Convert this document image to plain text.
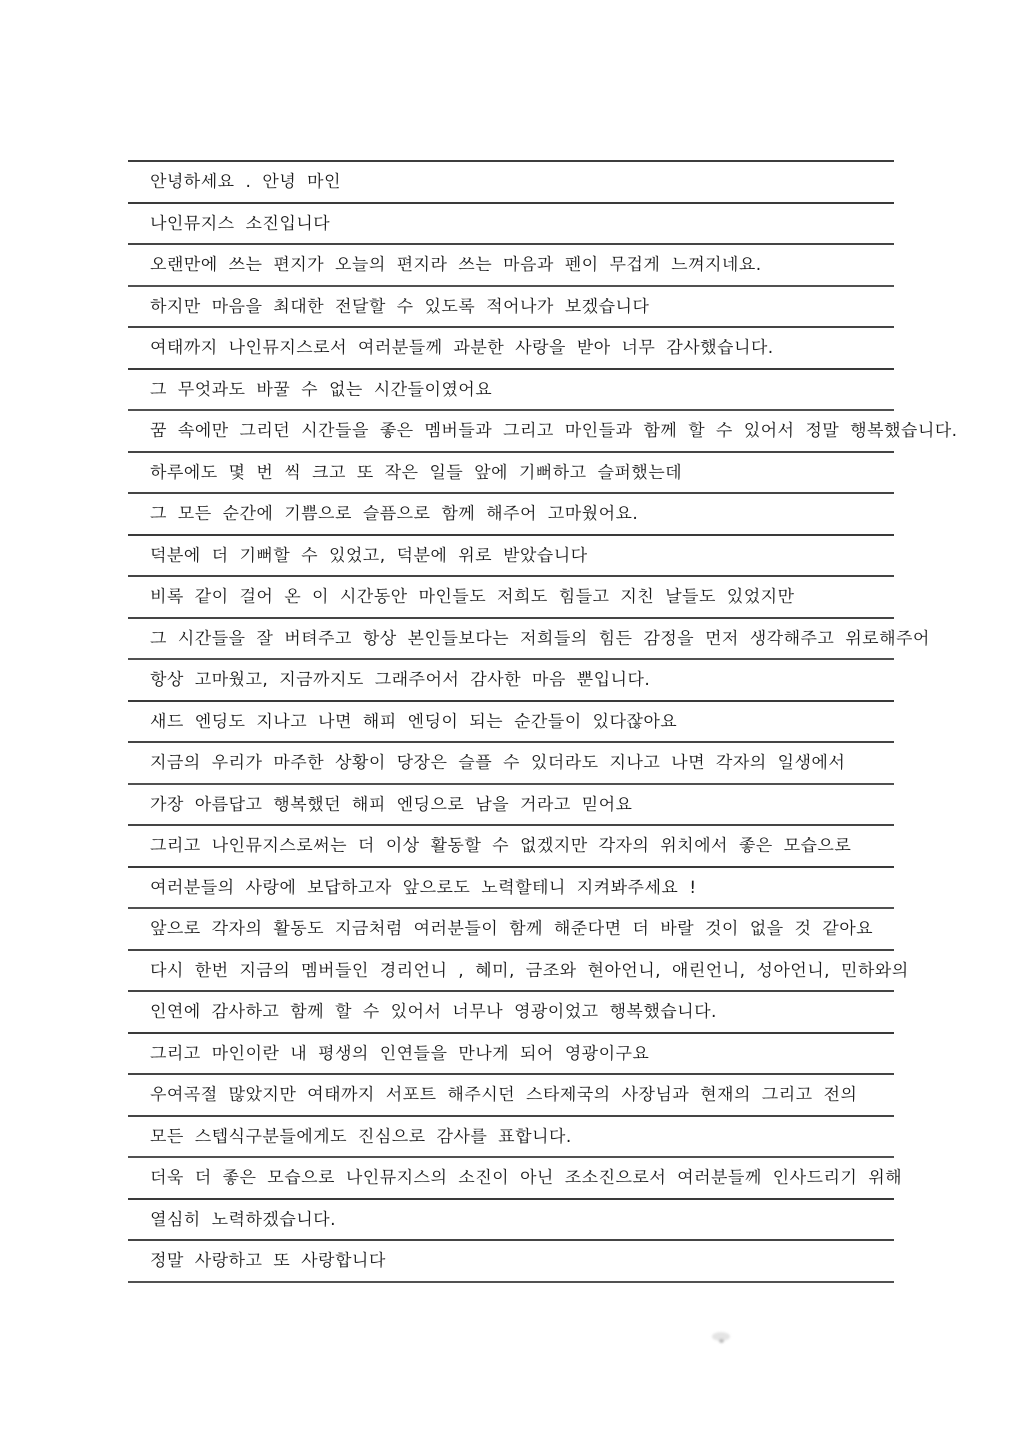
안녕하세요 . 안녕 마인
나인뮤지스 소진입니다
오랜만에 쓰는 편지가 오늘의 편지라 쓰는 마음과 펜이 무겁게 느껴지네요.
하지만 마음을 최대한 전달할 수 있도록 적어나가 보겠습니다
여태까지 나인뮤지스로서 여러분들께 과분한 사랑을 받아 너무 감사했습니다.
그 무엇과도 바꿀 수 없는 시간들이였어요
꿈 속에만 그리던 시간들을 좋은 멤버들과 그리고 마인들과 함께 할 수 있어서 정말 행복했습니다.
하루에도 몇 번 씩 크고 또 작은 일들 앞에 기뻐하고 슬퍼했는데
그 모든 순간에 기쁨으로 슬픔으로 함께 해주어 고마웠어요.
덕분에 더 기뻐할 수 있었고, 덕분에 위로 받았습니다
비록 같이 걸어 온 이 시간동안 마인들도 저희도 힘들고 지친 날들도 있었지만
그 시간들을 잘 버텨주고 항상 본인들보다는 저희들의 힘든 감정을 먼저 생각해주고 위로해주어
항상 고마웠고, 지금까지도 그래주어서 감사한 마음 뿐입니다.
새드 엔딩도 지나고 나면 해피 엔딩이 되는 순간들이 있다잖아요
지금의 우리가 마주한 상황이 당장은 슬플 수 있더라도 지나고 나면 각자의 일생에서
가장 아름답고 행복했던 해피 엔딩으로 남을 거라고 믿어요
그리고 나인뮤지스로써는 더 이상 활동할 수 없겠지만 각자의 위치에서 좋은 모습으로
여러분들의 사랑에 보답하고자 앞으로도 노력할테니 지켜봐주세요 !
앞으로 각자의 활동도 지금처럼 여러분들이 함께 해준다면 더 바랄 것이 없을 것 같아요
다시 한번 지금의 멤버들인 경리언니 , 혜미, 금조와 현아언니, 애린언니, 성아언니, 민하와의
인연에 감사하고 함께 할 수 있어서 너무나 영광이었고 행복했습니다.
그리고 마인이란 내 평생의 인연들을 만나게 되어 영광이구요
우여곡절 많았지만 여태까지 서포트 해주시던 스타제국의 사장님과 현재의 그리고 전의
모든 스텝식구분들에게도 진심으로 감사를 표합니다.
더욱 더 좋은 모습으로 나인뮤지스의 소진이 아닌 조소진으로서 여러분들께 인사드리기 위해
열심히 노력하겠습니다.
정말 사랑하고 또 사랑합니다
